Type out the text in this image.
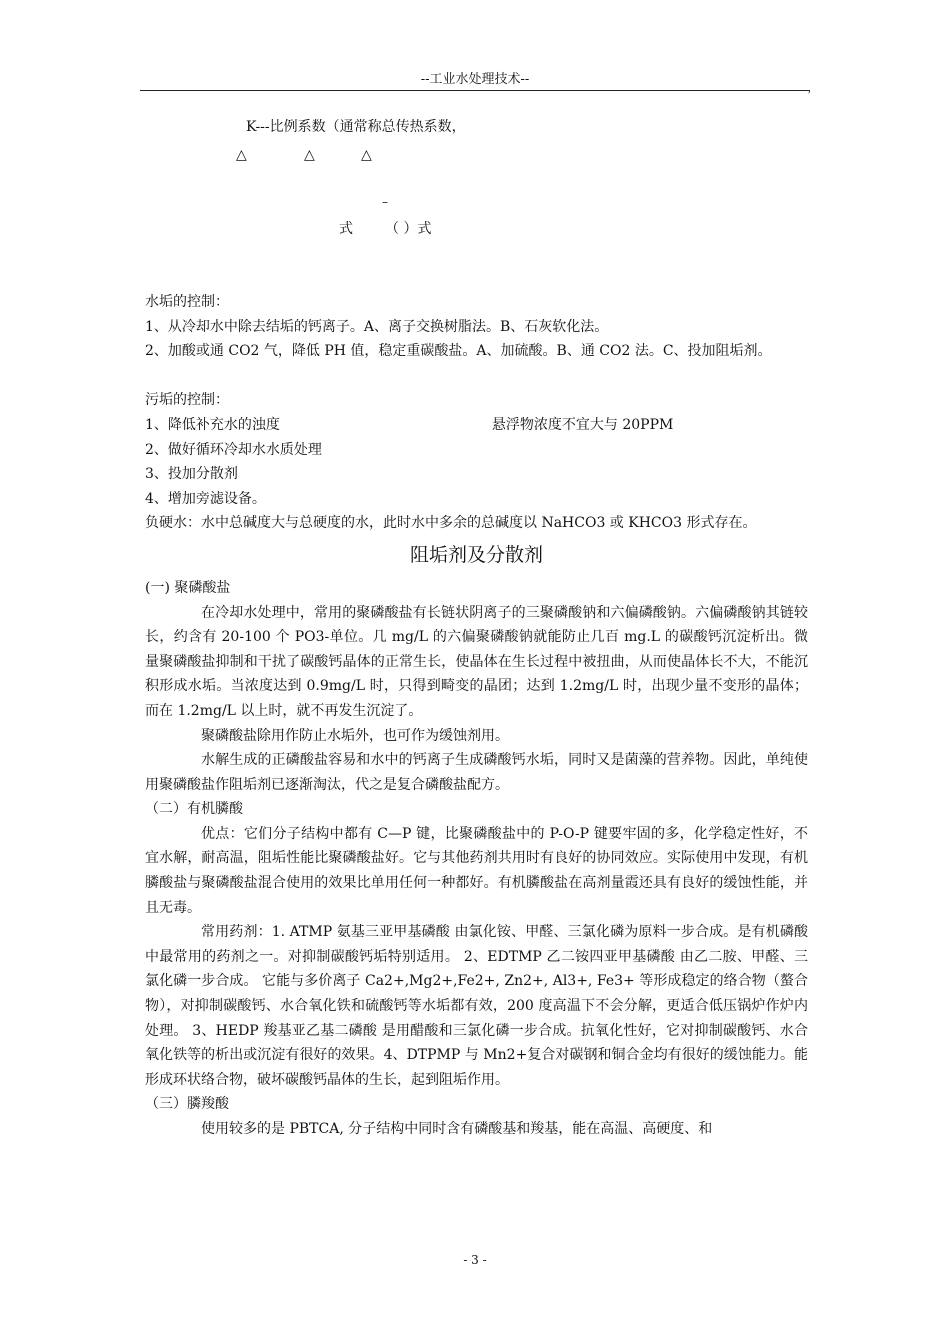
--工业水处理技术--
,
K---比例系数（通常称总传热系数，
△	△	△
–
式 （ ）式

水垢的控制：

1、从冷却水中除去结垢的钙离子。A、离子交换树脂法。B、石灰软化法。

2、加酸或通 CO2 气，降低 PH 值，稳定重碳酸盐。A、加硫酸。B、通 CO2 法。C、投加阻垢剂。

污垢的控制：

1、降低补充水的浊度	悬浮物浓度不宜大与 20PPM

2、做好循环冷却水水质处理

3、投加分散剂

4、增加旁滤设备。

负硬水：水中总碱度大与总硬度的水，此时水中多余的总碱度以 NaHCO3 或 KHCO3 形式存在。

阻垢剂及分散剂

(一) 聚磷酸盐

在冷却水处理中，常用的聚磷酸盐有长链状阴离子的三聚磷酸钠和六偏磷酸钠。六偏磷酸钠其链较长，约含有 20-100 个 PO3-单位。几 mg/L 的六偏聚磷酸钠就能防止几百 mg.L 的碳酸钙沉淀析出。微量聚磷酸盐抑制和干扰了碳酸钙晶体的正常生长，使晶体在生长过程中被扭曲，从而使晶体长不大，不能沉积形成水垢。当浓度达到 0.9mg/L 时，只得到畸变的晶团；达到 1.2mg/L 时，出现少量不变形的晶体；而在 1.2mg/L 以上时，就不再发生沉淀了。

聚磷酸盐除用作防止水垢外，也可作为缓蚀剂用。

水解生成的正磷酸盐容易和水中的钙离子生成磷酸钙水垢，同时又是菌藻的营养物。因此，单纯使用聚磷酸盐作阻垢剂已逐渐淘汰，代之是复合磷酸盐配方。

（二）有机膦酸

优点：它们分子结构中都有 C—P 键，比聚磷酸盐中的 P-O-P 键要牢固的多，化学稳定性好，不宜水解，耐高温，阻垢性能比聚磷酸盐好。它与其他药剂共用时有良好的协同效应。实际使用中发现，有机膦酸盐与聚磷酸盐混合使用的效果比单用任何一种都好。有机膦酸盐在高剂量霞还具有良好的缓蚀性能，并且无毒。

常用药剂：1. ATMP 氨基三亚甲基磷酸 由氯化铵、甲醛、三氯化磷为原料一步合成。是有机磷酸中最常用的药剂之一。对抑制碳酸钙垢特别适用。 2、EDTMP 乙二铵四亚甲基磷酸 由乙二胺、甲醛、三氯化磷一步合成。 它能与多价离子 Ca2+,Mg2+,Fe2+, Zn2+, Al3+, Fe3+ 等形成稳定的络合物（螯合物），对抑制碳酸钙、水合氧化铁和硫酸钙等水垢都有效，200 度高温下不会分解，更适合低压锅炉作炉内处理。 3、HEDP 羧基亚乙基二磷酸 是用醋酸和三氯化磷一步合成。抗氧化性好，它对抑制碳酸钙、水合氧化铁等的析出或沉淀有很好的效果。4、DTPMP 与 Mn2+复合对碳钢和铜合金均有很好的缓蚀能力。能形成环状络合物，破坏碳酸钙晶体的生长，起到阻垢作用。

（三）膦羧酸

使用较多的是 PBTCA, 分子结构中同时含有磷酸基和羧基，能在高温、高硬度、和

- 3 -
